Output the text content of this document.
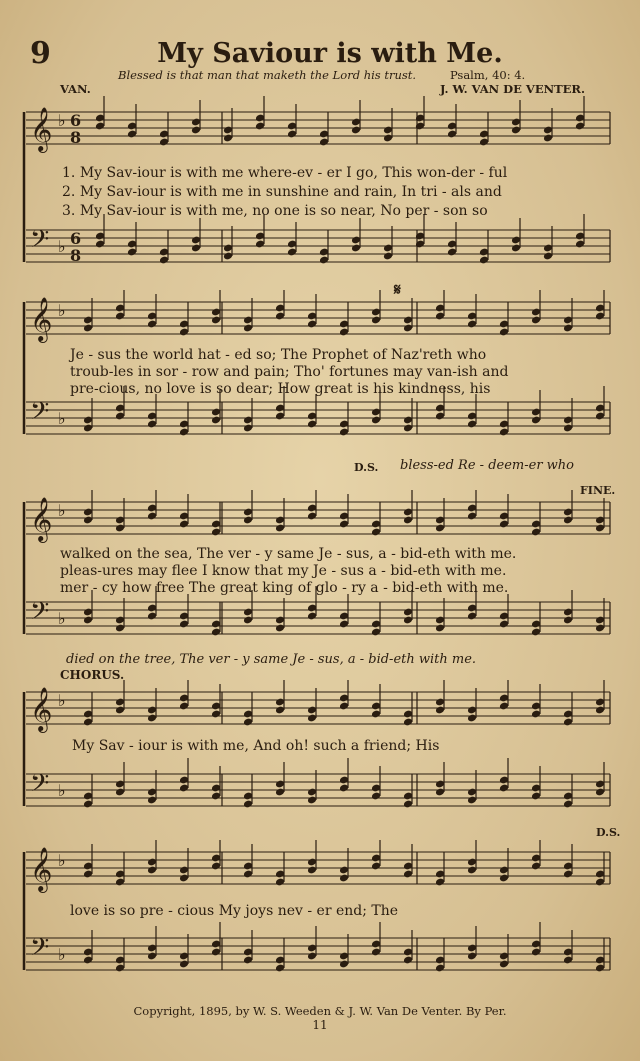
9	My Saviour is with Me.
Blessed is that man that maketh the Lord his trust.	Psalm, 40: 4.
VAN.	J. W. VAN DE VENTER.
𝄞 ♭ 6
8
𝄢 ♭ 6
8
1. My Sav-iour is with me where-ev - er I go, This won-der - ful
2. My Sav-iour is with me in sunshine and rain, In tri - als and
3. My Sav-iour is with me, no one is so near, No per - son so
𝄞 ♭
𝄢 ♭
𝄋
Je - sus the world hat - ed so; The Prophet of Naz'reth who
troub-les in sor - row and pain; Tho' fortunes may van-ish and
pre-cious, no love is so dear; How great is his kindness, his
D.S. bless-ed Re - deem-er who
𝄞 ♭
𝄢 ♭
FINE.
walked on the sea, The ver - y same Je - sus, a - bid-eth with me.
pleas-ures may flee I know that my Je - sus a - bid-eth with me.
mer - cy how free The great king of glo - ry a - bid-eth with me.
died on the tree, The ver - y same Je - sus, a - bid-eth with me.
CHORUS.
𝄞 ♭
𝄢 ♭
My Sav - iour is with me, And oh! such a friend; His
𝄞 ♭
𝄢 ♭
D.S.
love is so pre - cious My joys nev - er end; The
Copyright, 1895, by W. S. Weeden & J. W. Van De Venter. By Per.
11
